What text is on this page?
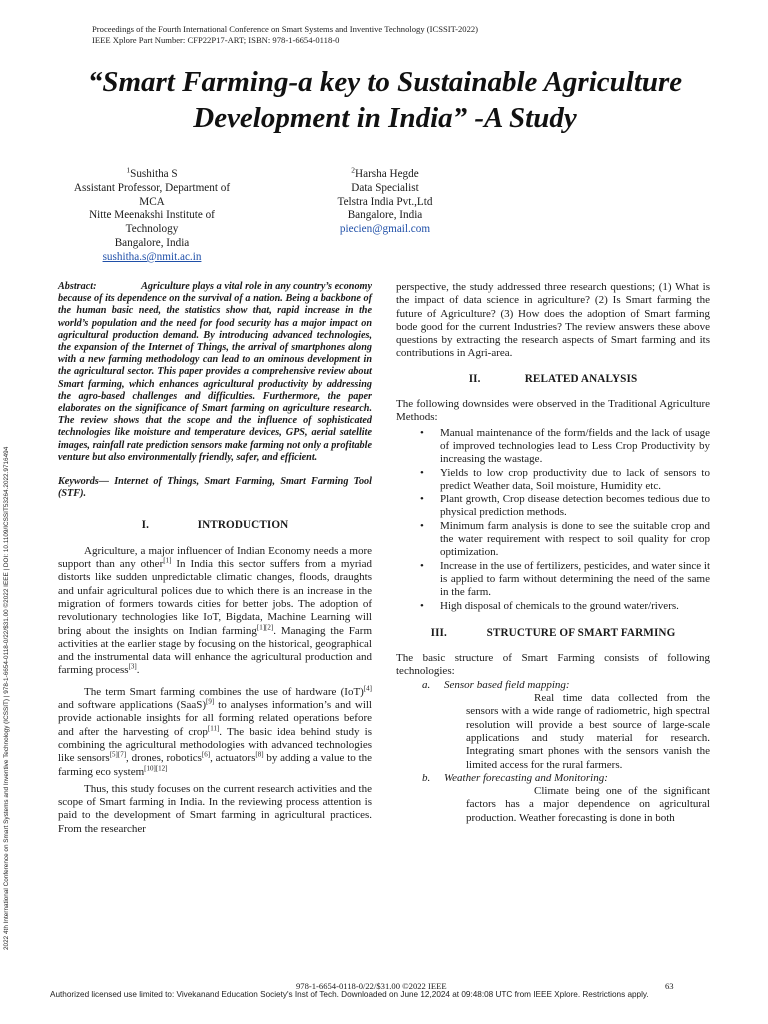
Proceedings of the Fourth International Conference on Smart Systems and Inventive Technology (ICSSIT-2022)
IEEE Xplore Part Number: CFP22P17-ART; ISBN: 978-1-6654-0118-0
“Smart Farming-a key to Sustainable Agriculture
Development in India” -A Study
$^1$Sushitha S
Assistant Professor, Department of
MCA
Nitte Meenakshi Institute of
Technology
Bangalore, India
sushitha.s@nmit.ac.in
$^2$Harsha Hegde
Data Specialist
Telstra India Pvt.,Ltd
Bangalore, India
piecien@gmail.com
2022 4th International Conference on Smart Systems and Inventive Technology (ICSSIT) | 978-1-6654-0118-0/22/$31.00 ©2022 IEEE | DOI: 10.1109/ICSSIT53264.2022.9716494

Abstract:	Agriculture plays a vital role in any country’s economy because of its dependence on the survival of a nation. Being a backbone of the human basic need, the statistics show that, rapid increase in the world’s population and the need for food security has a major impact on agricultural production demand. By introducing advanced technologies, the expansion of the Internet of Things, the arrival of smartphones along with a new farming methodology can lead to an ominous development in the agricultural sector. This paper provides a comprehensive review about Smart farming, which enhances agricultural productivity by addressing the agro-based challenges and difficulties. Furthermore, the paper elaborates on the significance of Smart farming on agriculture research. The review shows that the scope and the influence of sophisticated technologies like moisture and temperature devices, GPS, aerial satellite images, rainfall rate prediction sensors make farming not only a profitable venture but also environmentally friendly, safer, and efficient.

Keywords— Internet of Things, Smart Farming, Smart Farming Tool (STF).

I.	INTRODUCTION

Agriculture, a major influencer of Indian Economy needs a more support than any other[1] In India this sector suffers from a myriad distorts like sudden unpredictable climatic changes, floods, draughts and unfair agricultural polices due to which there is an increase in the migration of formers towards cities for better jobs. The adoption of revolutionary technologies like IoT, Bigdata, Machine Learning will bring about the insights on Indian farming[1][2]. Managing the Farm activities at the earlier stage by focusing on the historical, geographical and the instrumental data will enhance the agricultural production and farming process[3].

The term Smart farming combines the use of hardware (IoT)[4] and software applications (SaaS)[9] to analyses information’s and will provide actionable insights for all forming related operations before and after the harvesting of crop[11]. The basic idea behind study is combining the agricultural methodologies with advanced technologies like sensors[5][7], drones, robotics[6], actuators[8] by adding a value to the farming eco system[10][12]

Thus, this study focuses on the current research activities and the scope of Smart farming in India. In the reviewing process attention is paid to the development of Smart farming in agricultural practices. From the researcher

perspective, the study addressed three research questions; (1) What is the impact of data science in agriculture? (2) Is Smart farming the future of Agriculture? (3) How does the adoption of Smart farming bode good for the current Industries? The review answers these above questions by extracting the research aspects of Smart farming and its contributions in Agri-area.

II.	RELATED ANALYSIS

The following downsides were observed in the Traditional Agriculture Methods:

• Manual maintenance of the form/fields and the lack of usage of improved technologies lead to Less Crop Productivity by increasing the wastage.
• Yields to low crop productivity due to lack of sensors to predict Weather data, Soil moisture, Humidity etc.
• Plant growth, Crop disease detection becomes tedious due to physical prediction methods.
• Minimum farm analysis is done to see the suitable crop and the water requirement with respect to soil quality for crop optimization.
• Increase in the use of fertilizers, pesticides, and water since it is applied to farm without determining the need of the same in the farm.
• High disposal of chemicals to the ground water/rivers.
III.	STRUCTURE OF SMART FARMING

The basic structure of Smart Farming consists of following technologies:

a. Sensor based field mapping:

Real time data collected from the sensors with a wide range of radiometric, high spectral resolution will provide a best source of large-scale applications and study material for research. Integrating smart phones with the sensors vanish the limited access for the rural farmers.

b. Weather forecasting and Monitoring:

Climate being one of the significant factors has a major dependence on agricultural production. Weather forecasting is done in both

978-1-6654-0118-0/22/$31.00 ©2022 IEEE	63
Authorized licensed use limited to: Vivekanand Education Society's Inst of Tech. Downloaded on June 12,2024 at 09:48:08 UTC from IEEE Xplore. Restrictions apply.
